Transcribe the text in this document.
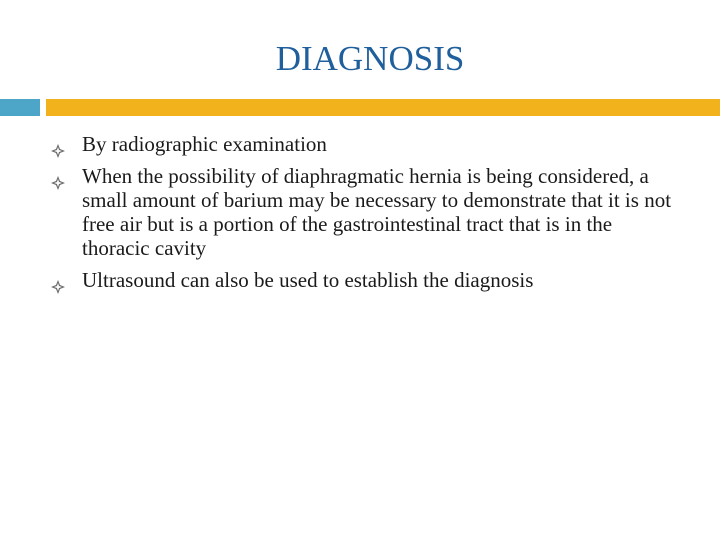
DIAGNOSIS
By radiographic examination
When the possibility of diaphragmatic hernia is being considered, a small amount of barium may be necessary to demonstrate that it is not free air but is a portion of the gastrointestinal tract that is in the thoracic cavity
Ultrasound can also be used to establish the diagnosis
